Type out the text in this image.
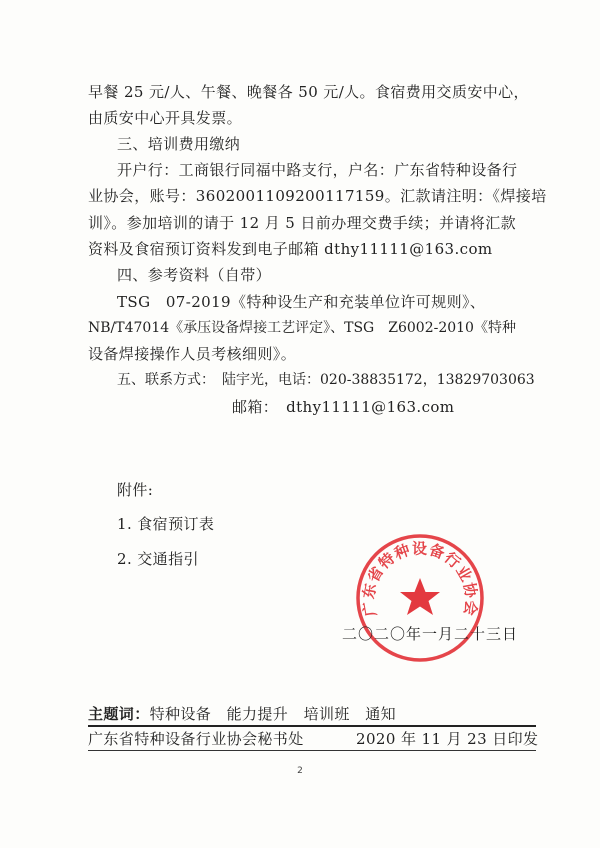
早餐 25 元/人、午餐、晚餐各 50 元/人。食宿费用交质安中心，
由质安中心开具发票。
三、培训费用缴纳
开户行：工商银行同福中路支行，户名：广东省特种设备行
业协会，账号：3602001109200117159。汇款请注明：《焊接培
训》。参加培训的请于 12 月 5 日前办理交费手续；并请将汇款
资料及食宿预订资料发到电子邮箱 dthy11111@163.com
四、参考资料（自带）
TSG　07-2019《特种设生产和充装单位许可规则》、
NB/T47014《承压设备焊接工艺评定》、TSG　Z6002-2010《特种
设备焊接操作人员考核细则》。
五、联系方式：　陆宇光，电话：020-38835172，13829703063
邮箱：　dthy11111@163.com
附件:
1. 食宿预订表
2. 交通指引
广东省特种设备行业协会
二〇二〇年一月二十三日
主题词：特种设备　能力提升　培训班　通知
广东省特种设备行业协会秘书处	2020 年 11 月 23 日印发
2
